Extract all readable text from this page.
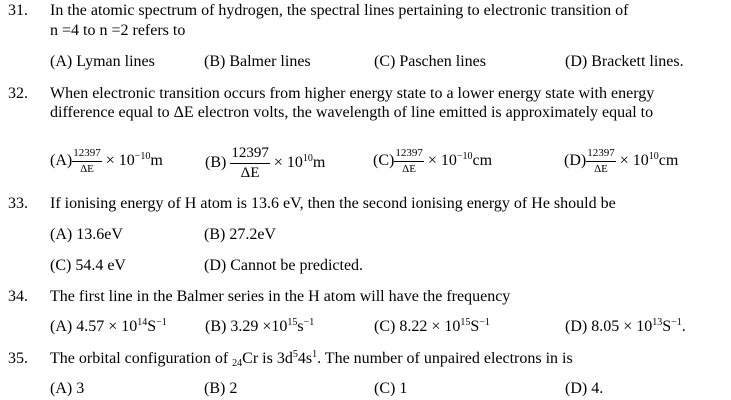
31. In the atomic spectrum of hydrogen, the spectral lines pertaining to electronic transition of
n =4 to n =2 refers to
(A) Lyman lines	(B) Balmer lines	(C) Paschen lines	(D) Brackett lines.
32. When electronic transition occurs from higher energy state to a lower energy state with energy
difference equal to ΔE electron volts, the wavelength of line emitted is approximately equal to
$(A) \frac{12397}{\Delta E} \times 10^{-10}m$	$(B) \frac{12397}{\Delta E} \times 10^{10}m$	$(C) \frac{12397}{\Delta E} \times 10^{-10}cm$	$(D) \frac{12397}{\Delta E} \times 10^{10}cm$
33. If ionising energy of H atom is 13.6 eV, then the second ionising energy of He should be
(A) 13.6eV	(B) 27.2eV
(C) 54.4 eV	(D) Cannot be predicted.
34. The first line in the Balmer series in the H atom will have the frequency
(A) $4.57 \times 10^{14}S^{-1}$ (B) $3.29 \times 10^{15}s^{-1}$	(C) $8.22 \times 10^{15}S^{-1}$	(D) $8.05 \times 10^{13}S^{-1}$.
35. The orbital configuration of $_{24}$Cr is $3d^54s^1$. The number of unpaired electrons in is
(A) 3	(B) 2	(C) 1	(D) 4.
